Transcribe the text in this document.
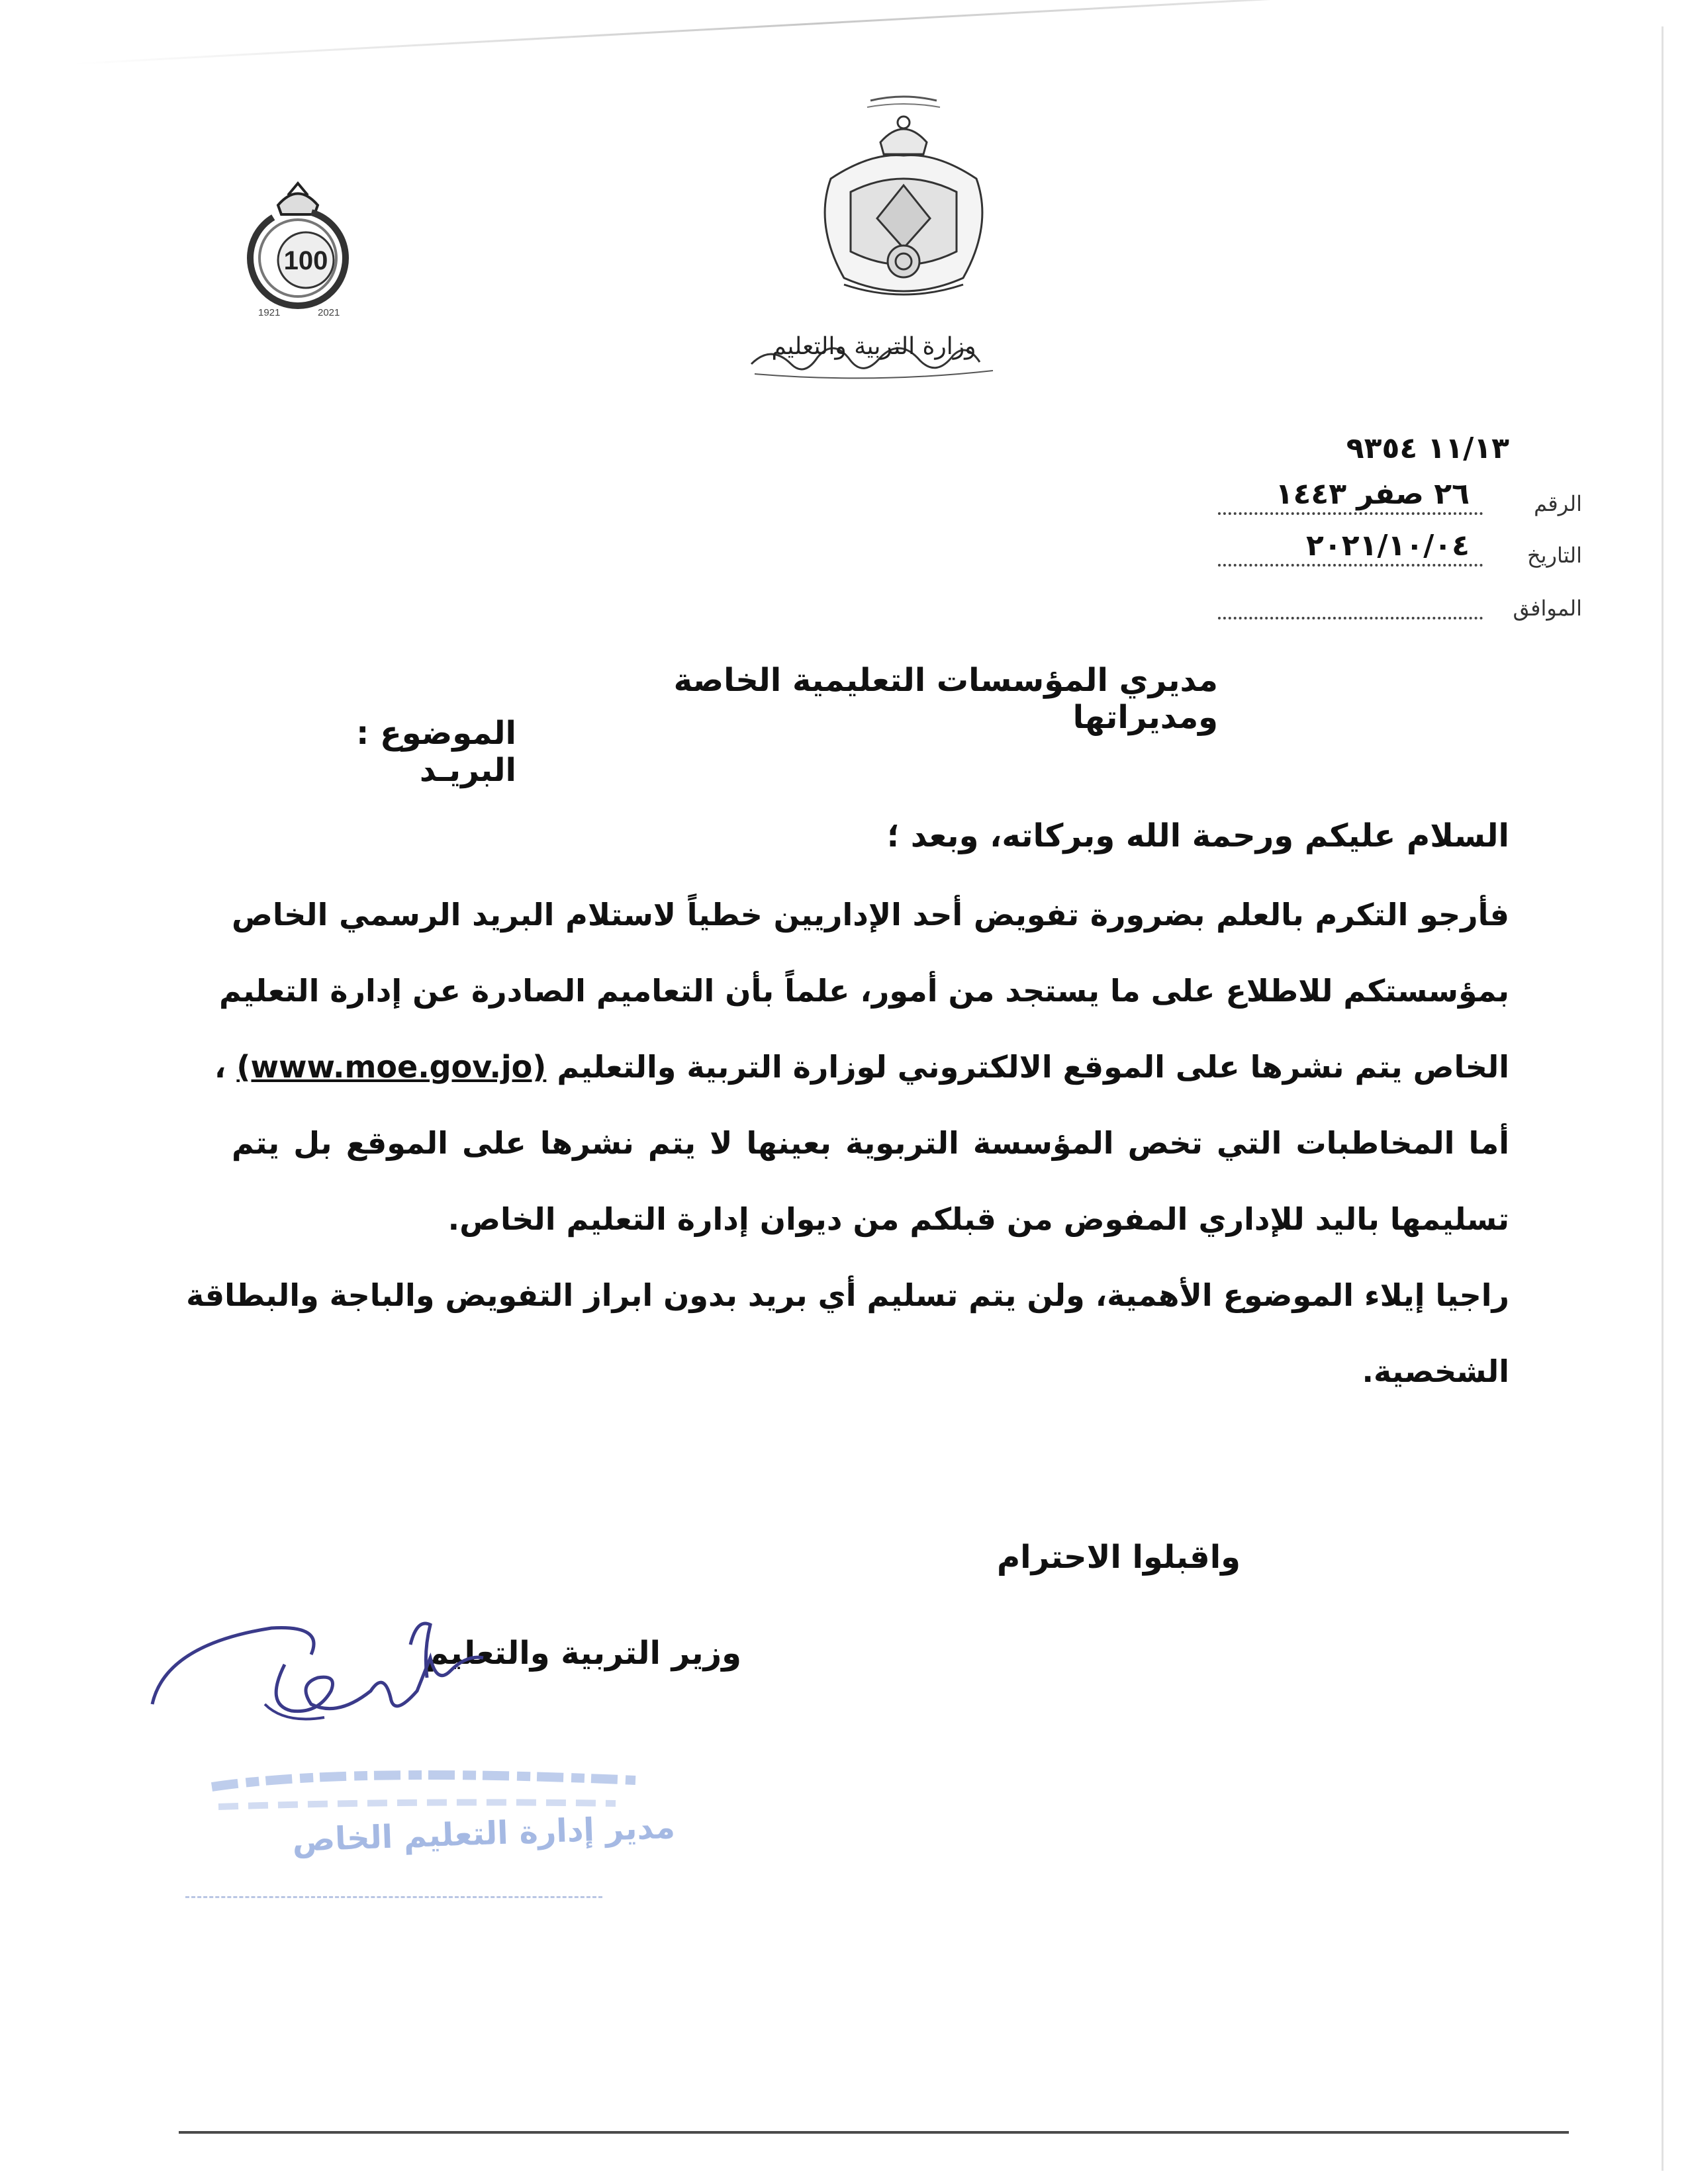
100
1921	2021
وزارة التربية والتعليم
١١/١٣ ٩٣٥٤
الرقم
٢٦ صفر ١٤٤٣
التاريخ
٢٠٢١/١٠/٠٤
الموافق
مديري المؤسسات التعليمية الخاصة ومديراتها
الموضوع : البريـد
السلام عليكم ورحمة الله وبركاته، وبعد ؛
فأرجو التكرم بالعلم بضرورة تفويض أحد الإداريين خطياً لاستلام البريد الرسمي الخاص
بمؤسستكم للاطلاع على ما يستجد من أمور، علماً بأن التعاميم الصادرة عن إدارة التعليم
الخاص يتم نشرها على الموقع الالكتروني لوزارة التربية والتعليم (www.moe.gov.jo) ،
أما المخاطبات التي تخص المؤسسة التربوية بعينها لا يتم نشرها على الموقع بل يتم
تسليمها باليد للإداري المفوض من قبلكم من ديوان إدارة التعليم الخاص.
راجيا إيلاء الموضوع الأهمية، ولن يتم تسليم أي بريد بدون ابراز التفويض والباجة والبطاقة
الشخصية.
واقبلوا الاحترام
وزير التربية والتعليم
مدير إدارة التعليم الخاص
